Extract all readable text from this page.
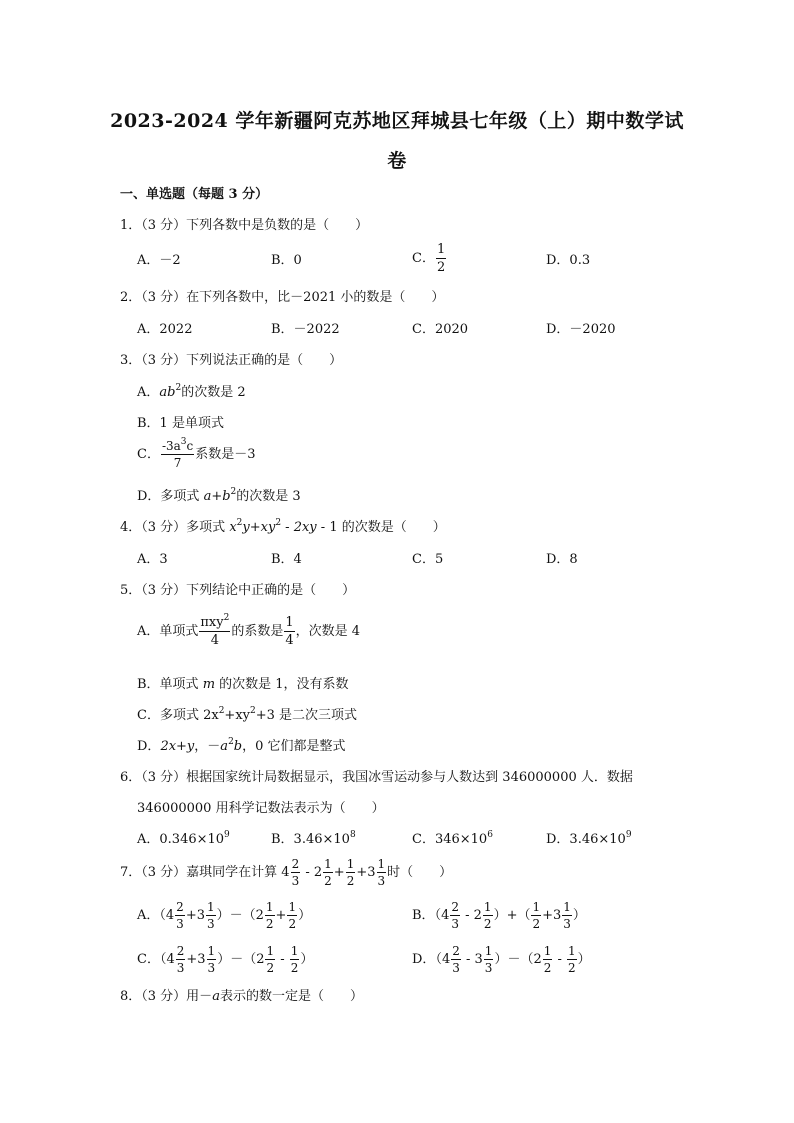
2023-2024 学年新疆阿克苏地区拜城县七年级（上）期中数学试
卷
一、单选题（每题 3 分）
1．（3 分）下列各数中是负数的是（　　）
A．－2	B．0	C． $\frac{1}{2}$	D．0.3
2．（3 分）在下列各数中，比－2021 小的数是（　　）
A．2022	B．－2022	C．2020	D．－2020
3．（3 分）下列说法正确的是（　　）
A．$ab^2$的次数是 2
B．1 是单项式
C． $\frac{-3a^3c}{7}$ 系数是－3
D．多项式 $a+b^2$的次数是 3
4．（3 分）多项式 $x^2y+xy^2 - 2xy - 1$ 的次数是（　　）
A．3	B．4	C．5	D．8
5．（3 分）下列结论中正确的是（　　）
A．单项式 $\frac{\pi xy^2}{4}$ 的系数是 $\frac{1}{4}$ ，次数是 4
B．单项式 m 的次数是 1，没有系数
C．多项式 $2x^2+xy^2+3$ 是二次三项式
D．2x+y，$-a^2b$，0 它们都是整式
6．（3 分）根据国家统计局数据显示，我国冰雪运动参与人数达到 346000000 人．数据
346000000 用科学记数法表示为（　　）
A．$0.346\times 10^9$	B．$3.46\times 10^8$	C．$346\times 10^6$	D．$3.46\times 10^9$
7．（3 分）嘉琪同学在计算 $4 \frac{2}{3} - 2 \frac{1}{2} + \frac{1}{2} +3 \frac{1}{3}$ 时（　　）
A．$(4 \frac{2}{3} +3 \frac{1}{3} )-(2 \frac{1}{2} + \frac{1}{2}$ ）	B．（$4 \frac{2}{3} - 2 \frac{1}{2}$ ）+（ $\frac{1}{2} +3 \frac{1}{3}$ ）
C．$(4 \frac{2}{3} +3 \frac{1}{3} )-(2 \frac{1}{2} - \frac{1}{2}$ ）	D．$(4 \frac{2}{3} - 3 \frac{1}{3} )-(2 \frac{1}{2} - \frac{1}{2}$ ）
8．（3 分）用－a表示的数一定是（　　）
